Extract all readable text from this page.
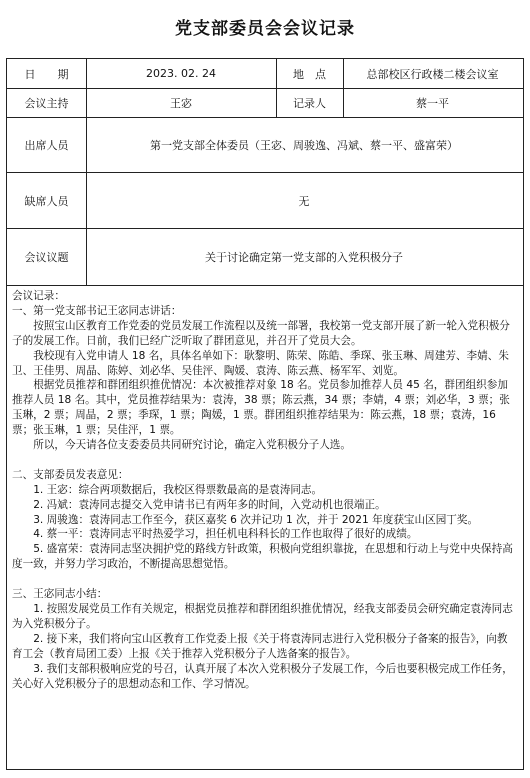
党支部委员会会议记录
日　　期	2023. 02. 24	地　点	总部校区行政楼二楼会议室
会议主持	王宓	记录人	蔡一平
出席人员	第一党支部全体委员（王宓、周骏逸、冯斌、蔡一平、盛富荣）
缺席人员	无
会议议题	关于讨论确定第一党支部的入党积极分子

会议记录：

一、第一党支部书记王宓同志讲话：

按照宝山区教育工作党委的党员发展工作流程以及统一部署，我校第一党支部开展了新一轮入党积极分子的发展工作。日前，我们已经广泛听取了群团意见，并召开了党员大会。

我校现有入党申请人 18 名，具体名单如下：耿黎明、陈荣、陈皓、季琛、张玉琳、周建芳、李婧、朱卫、王佳男、周晶、陈婷、刘必华、吴佳泙、陶媛、袁涛、陈云燕、杨军军、刘览。

根据党员推荐和群团组织推优情况：本次被推荐对象 18 名。党员参加推荐人员 45 名，群团组织参加推荐人员 18 名。其中，党员推荐结果为：袁涛，38 票；陈云燕，34 票；李婧，4 票；刘必华，3 票；张玉琳，2 票；周晶，2 票；季琛，1 票；陶媛，1 票。群团组织推荐结果为：陈云燕，18 票；袁涛，16 票；张玉琳，1 票；吴佳泙，1 票。

所以，今天请各位支委委员共同研究讨论，确定入党积极分子人选。

二、支部委员发表意见：

1. 王宓：综合两项数据后，我校区得票数最高的是袁涛同志。

2. 冯斌：袁涛同志提交入党申请书已有两年多的时间，入党动机也很端正。

3. 周骏逸：袁涛同志工作至今，获区嘉奖 6 次并记功 1 次，并于 2021 年度获宝山区园丁奖。

4. 蔡一平：袁涛同志平时热爱学习，担任机电科科长的工作也取得了很好的成绩。

5. 盛富荣：袁涛同志坚决拥护党的路线方针政策，积极向党组织靠拢，在思想和行动上与党中央保持高度一致，并努力学习政治，不断提高思想觉悟。

三、王宓同志小结：

1. 按照发展党员工作有关规定，根据党员推荐和群团组织推优情况，经我支部委员会研究确定袁涛同志为入党积极分子。

2. 接下来，我们将向宝山区教育工作党委上报《关于将袁涛同志进行入党积极分子备案的报告》，向教育工会（教育局团工委）上报《关于推荐入党积极分子人选备案的报告》。

3. 我们支部积极响应党的号召，认真开展了本次入党积极分子发展工作，今后也要积极完成工作任务，关心好入党积极分子的思想动态和工作、学习情况。
